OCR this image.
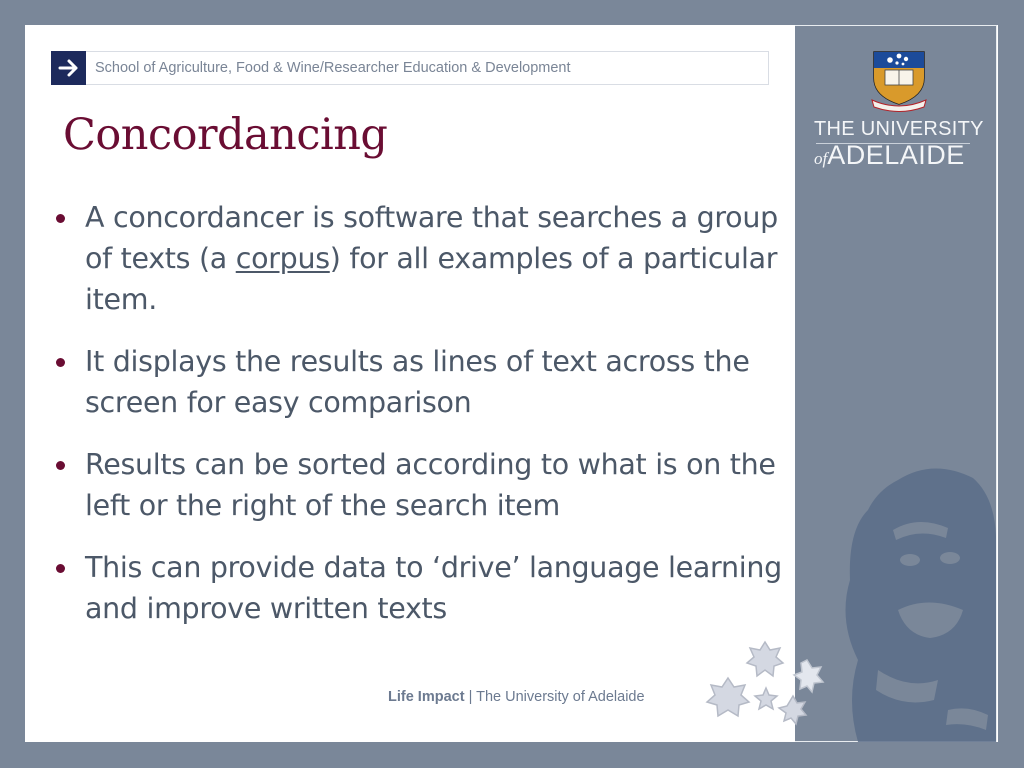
THE UNIVERSITY
ofADELAIDE
School of Agriculture, Food & Wine/Researcher Education & Development
Concordancing
A concordancer is software that searches a group of texts (a corpus) for all examples of a particular item.
It displays the results as lines of text across the screen for easy comparison
Results can be sorted according to what is on the left or the right of the search item
This can provide data to ‘drive’ language learning and improve written texts
Life Impact | The University of Adelaide
